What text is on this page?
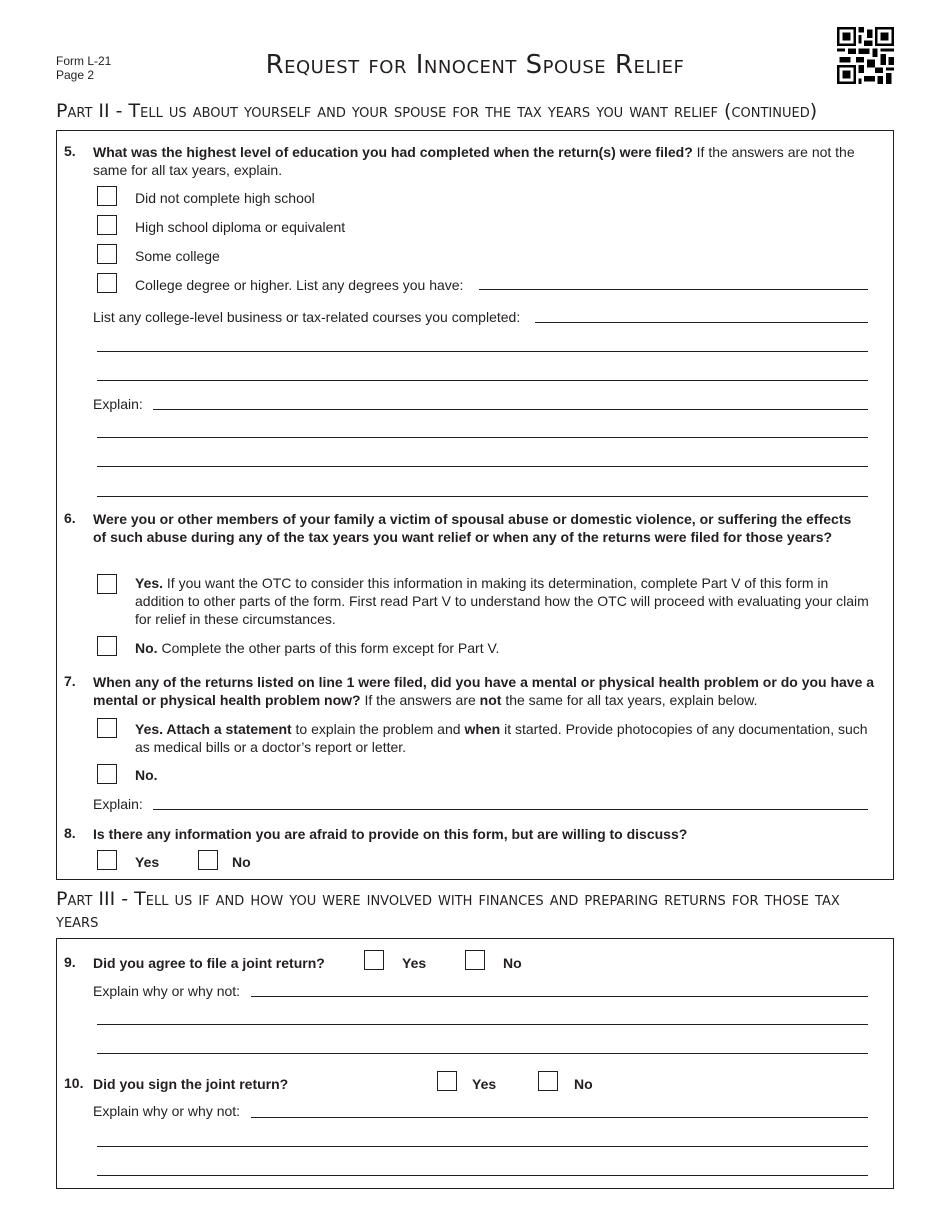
Form L-21
Page 2	Request for Innocent Spouse Relief
Part II - Tell us about yourself and your spouse for the tax years you want relief (continued)
5. What was the highest level of education you had completed when the return(s) were filed? If the answers are not the same for all tax years, explain.
Did not complete high school
High school diploma or equivalent
Some college
College degree or higher. List any degrees you have:
List any college-level business or tax-related courses you completed:
Explain:
6. Were you or other members of your family a victim of spousal abuse or domestic violence, or suffering the effects of such abuse during any of the tax years you want relief or when any of the returns were filed for those years?
Yes. If you want the OTC to consider this information in making its determination, complete Part V of this form in addition to other parts of the form. First read Part V to understand how the OTC will proceed with evaluating your claim for relief in these circumstances.
No. Complete the other parts of this form except for Part V.
7. When any of the returns listed on line 1 were filed, did you have a mental or physical health problem or do you have a mental or physical health problem now? If the answers are not the same for all tax years, explain below.
Yes. Attach a statement to explain the problem and when it started. Provide photocopies of any documentation, such as medical bills or a doctor’s report or letter.
No.
Explain:
8. Is there any information you are afraid to provide on this form, but are willing to discuss?
Yes	No
Part III - Tell us if and how you were involved with finances and preparing returns for those tax years
9. Did you agree to file a joint return?	Yes	No
Explain why or why not:
10. Did you sign the joint return?	Yes	No
Explain why or why not:
